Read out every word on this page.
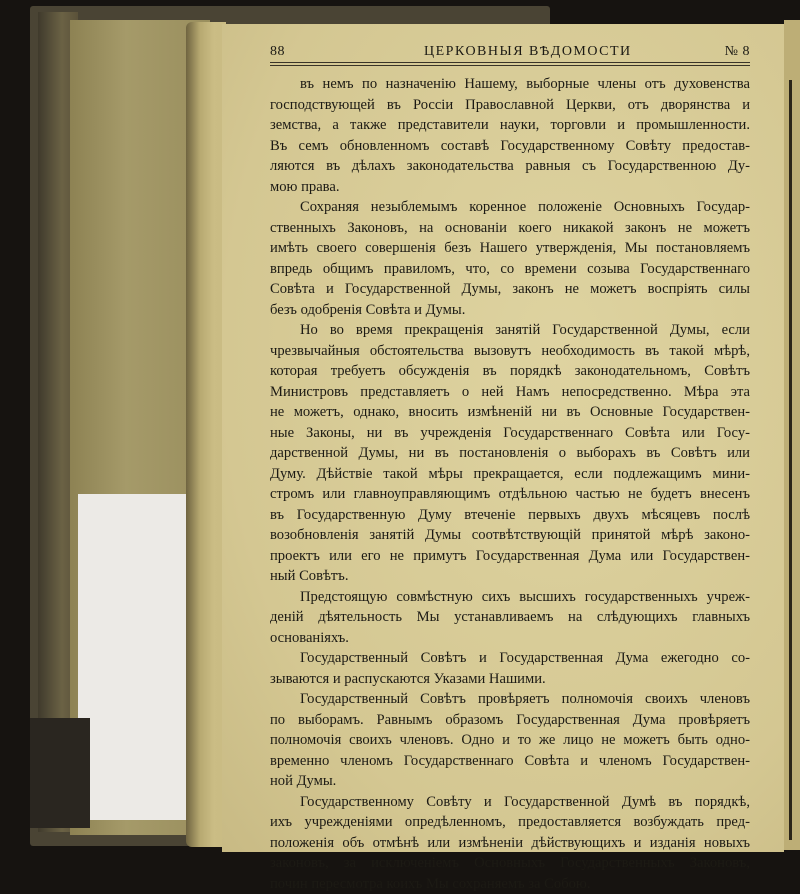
88	ЦЕРКОВНЫЯ ВѢДОМОСТИ	№ 8
въ немъ по назначенію Нашему, выборные члены отъ духовенства
господствующей въ Россіи Православной Церкви, отъ дворянства и
земства, а также представители науки, торговли и промышленности.
Въ семъ обновленномъ составѣ Государственному Совѣту предостав-
ляются въ дѣлахъ законодательства равныя съ Государственною Ду-
мою права.
Сохраняя незыблемымъ коренное положеніе Основныхъ Государ-
ственныхъ Законовъ, на основаніи коего никакой законъ не можетъ
имѣть своего совершенія безъ Нашего утвержденія, Мы постановляемъ
впредь общимъ правиломъ, что, со времени созыва Государственнаго
Совѣта и Государственной Думы, законъ не можетъ воспріять силы
безъ одобренія Совѣта и Думы.
Но во время прекращенія занятій Государственной Думы, если
чрезвычайныя обстоятельства вызовутъ необходимость въ такой мѣрѣ,
которая требуетъ обсужденія въ порядкѣ законодательномъ, Совѣтъ
Министровъ представляетъ о ней Намъ непосредственно. Мѣра эта
не можетъ, однако, вносить измѣненій ни въ Основные Государствен-
ные Законы, ни въ учрежденія Государственнаго Совѣта или Госу-
дарственной Думы, ни въ постановленія о выборахъ въ Совѣтъ или
Думу. Дѣйствіе такой мѣры прекращается, если подлежащимъ мини-
стромъ или главноуправляющимъ отдѣльною частью не будетъ внесенъ
въ Государственную Думу втеченіе первыхъ двухъ мѣсяцевъ послѣ
возобновленія занятій Думы соотвѣтствующій принятой мѣрѣ законо-
проектъ или его не примутъ Государственная Дума или Государствен-
ный Совѣтъ.
Предстоящую совмѣстную сихъ высшихъ государственныхъ учреж-
деній дѣятельность Мы устанавливаемъ на слѣдующихъ главныхъ
основаніяхъ.
Государственный Совѣтъ и Государственная Дума ежегодно со-
зываются и распускаются Указами Нашими.
Государственный Совѣтъ провѣряетъ полномочія своихъ членовъ
по выборамъ. Равнымъ образомъ Государственная Дума провѣряетъ
полномочія своихъ членовъ. Одно и то же лицо не можетъ быть одно-
временно членомъ Государственнаго Совѣта и членомъ Государствен-
ной Думы.
Государственному Совѣту и Государственной Думѣ въ порядкѣ,
ихъ учрежденіями опредѣленномъ, предоставляется возбуждать пред-
положенія объ отмѣнѣ или измѣненіи дѣйствующихъ и изданія новыхъ
законовъ, за исключеніемъ Основныхъ Государственныхъ Законовъ,
почин пересмотра коихъ Мы сохраняемъ за Собою.
